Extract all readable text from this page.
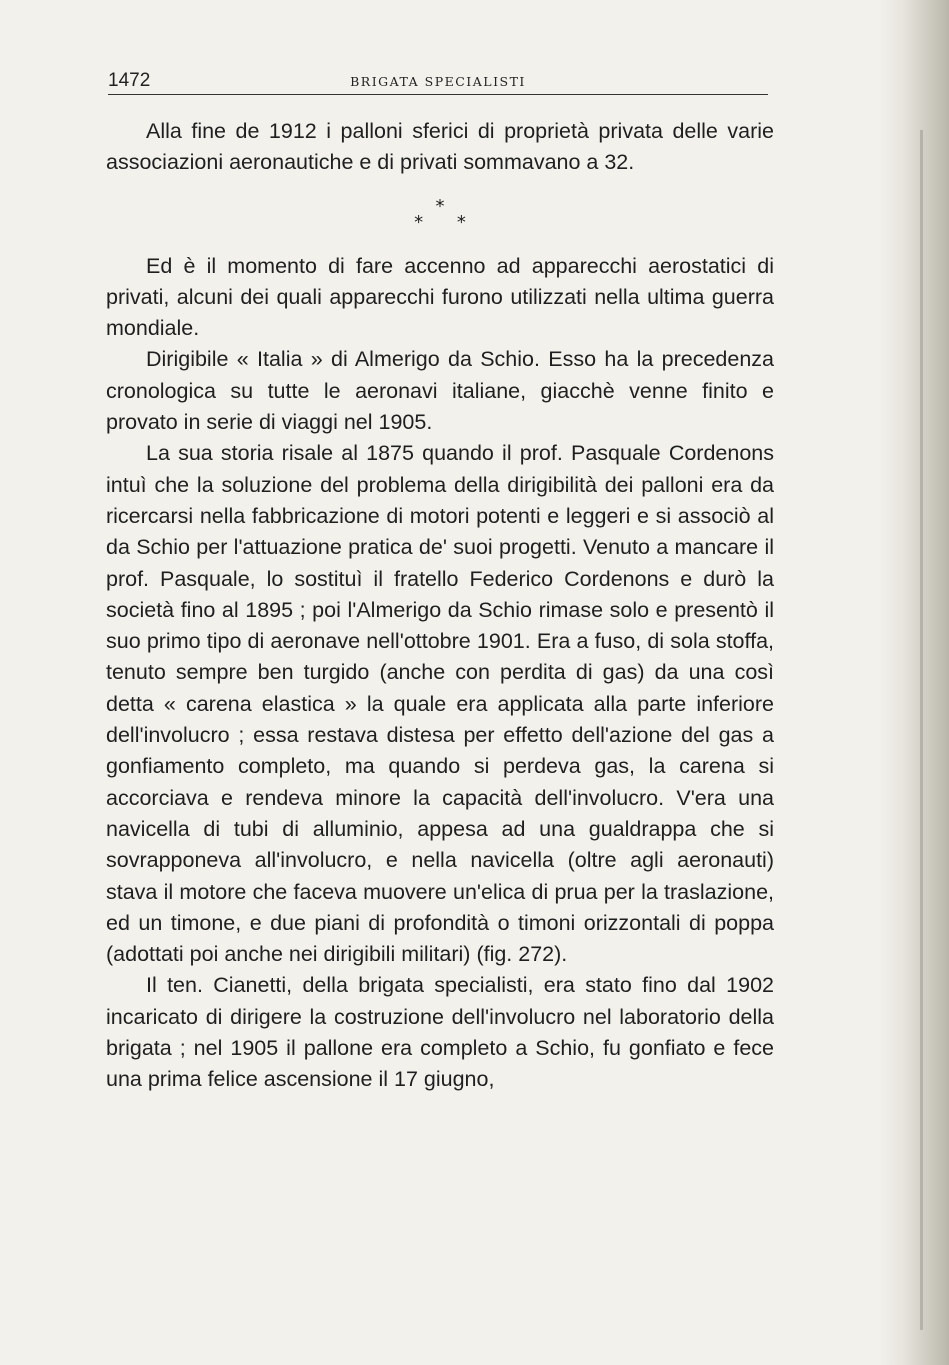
1472	BRIGATA SPECIALISTI

Alla fine de 1912 i palloni sferici di proprietà privata delle varie associazioni aeronautiche e di privati sommavano a 32.

*
* *

Ed è il momento di fare accenno ad apparecchi aerostatici di privati, alcuni dei quali apparecchi furono utilizzati nella ultima guerra mondiale.

Dirigibile « Italia » di Almerigo da Schio. Esso ha la precedenza cronologica su tutte le aeronavi italiane, giacchè venne finito e provato in serie di viaggi nel 1905.

La sua storia risale al 1875 quando il prof. Pasquale Cordenons intuì che la soluzione del problema della dirigibilità dei palloni era da ricercarsi nella fabbricazione di motori potenti e leggeri e si associò al da Schio per l'attuazione pratica de' suoi progetti. Venuto a mancare il prof. Pasquale, lo sostituì il fratello Federico Cordenons e durò la società fino al 1895 ; poi l'Almerigo da Schio rimase solo e presentò il suo primo tipo di aeronave nell'ottobre 1901. Era a fuso, di sola stoffa, tenuto sempre ben turgido (anche con perdita di gas) da una così detta « carena elastica » la quale era applicata alla parte inferiore dell'involucro ; essa restava distesa per effetto dell'azione del gas a gonfiamento completo, ma quando si perdeva gas, la carena si accorciava e rendeva minore la capacità dell'involucro. V'era una navicella di tubi di alluminio, appesa ad una gualdrappa che si sovrapponeva all'involucro, e nella navicella (oltre agli aeronauti) stava il motore che faceva muovere un'elica di prua per la traslazione, ed un timone, e due piani di profondità o timoni orizzontali di poppa (adottati poi anche nei dirigibili militari) (fig. 272).

Il ten. Cianetti, della brigata specialisti, era stato fino dal 1902 incaricato di dirigere la costruzione dell'involucro nel laboratorio della brigata ; nel 1905 il pallone era completo a Schio, fu gonfiato e fece una prima felice ascensione il 17 giugno,
